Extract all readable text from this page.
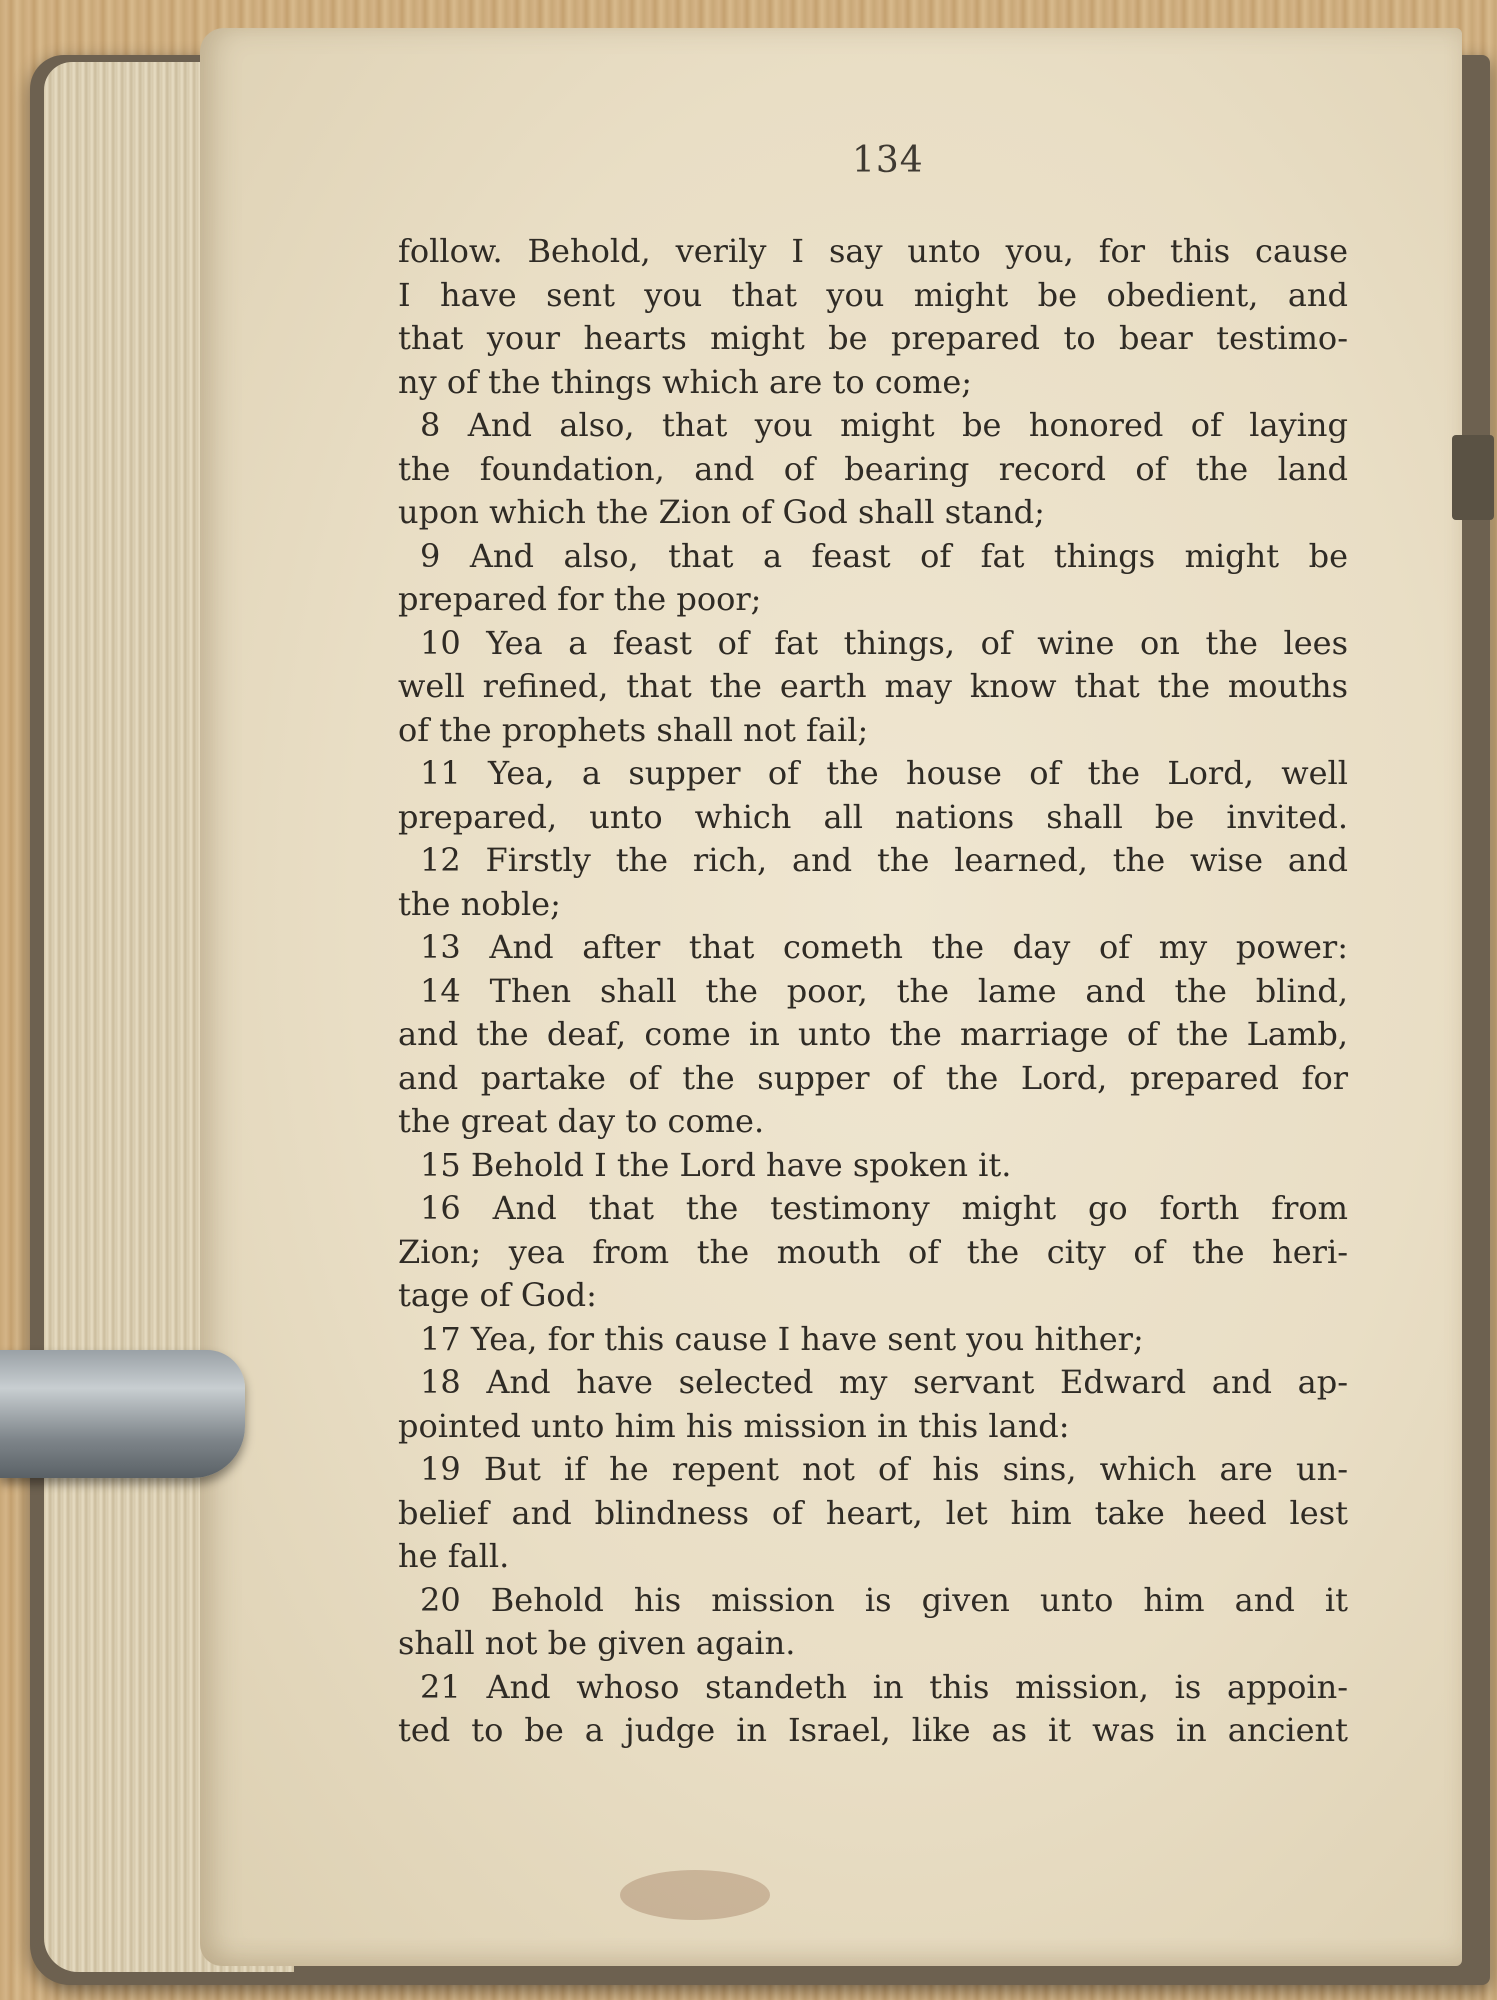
134
follow. Behold, verily I say unto you, for this cause
I have sent you that you might be obedient, and
that your hearts might be prepared to bear testimo-
ny of the things which are to come;
8 And also, that you might be honored of laying
the foundation, and of bearing record of the land
upon which the Zion of God shall stand;
9 And also, that a feast of fat things might be
prepared for the poor;
10 Yea a feast of fat things, of wine on the lees
well refined, that the earth may know that the mouths
of the prophets shall not fail;
11 Yea, a supper of the house of the Lord, well
prepared, unto which all nations shall be invited.
12 Firstly the rich, and the learned, the wise and
the noble;
13 And after that cometh the day of my power:
14 Then shall the poor, the lame and the blind,
and the deaf, come in unto the marriage of the Lamb,
and partake of the supper of the Lord, prepared for
the great day to come.
15 Behold I the Lord have spoken it.
16 And that the testimony might go forth from
Zion; yea from the mouth of the city of the heri-
tage of God:
17 Yea, for this cause I have sent you hither;
18 And have selected my servant Edward and ap-
pointed unto him his mission in this land:
19 But if he repent not of his sins, which are un-
belief and blindness of heart, let him take heed lest
he fall.
20 Behold his mission is given unto him and it
shall not be given again.
21 And whoso standeth in this mission, is appoin-
ted to be a judge in Israel, like as it was in ancient
